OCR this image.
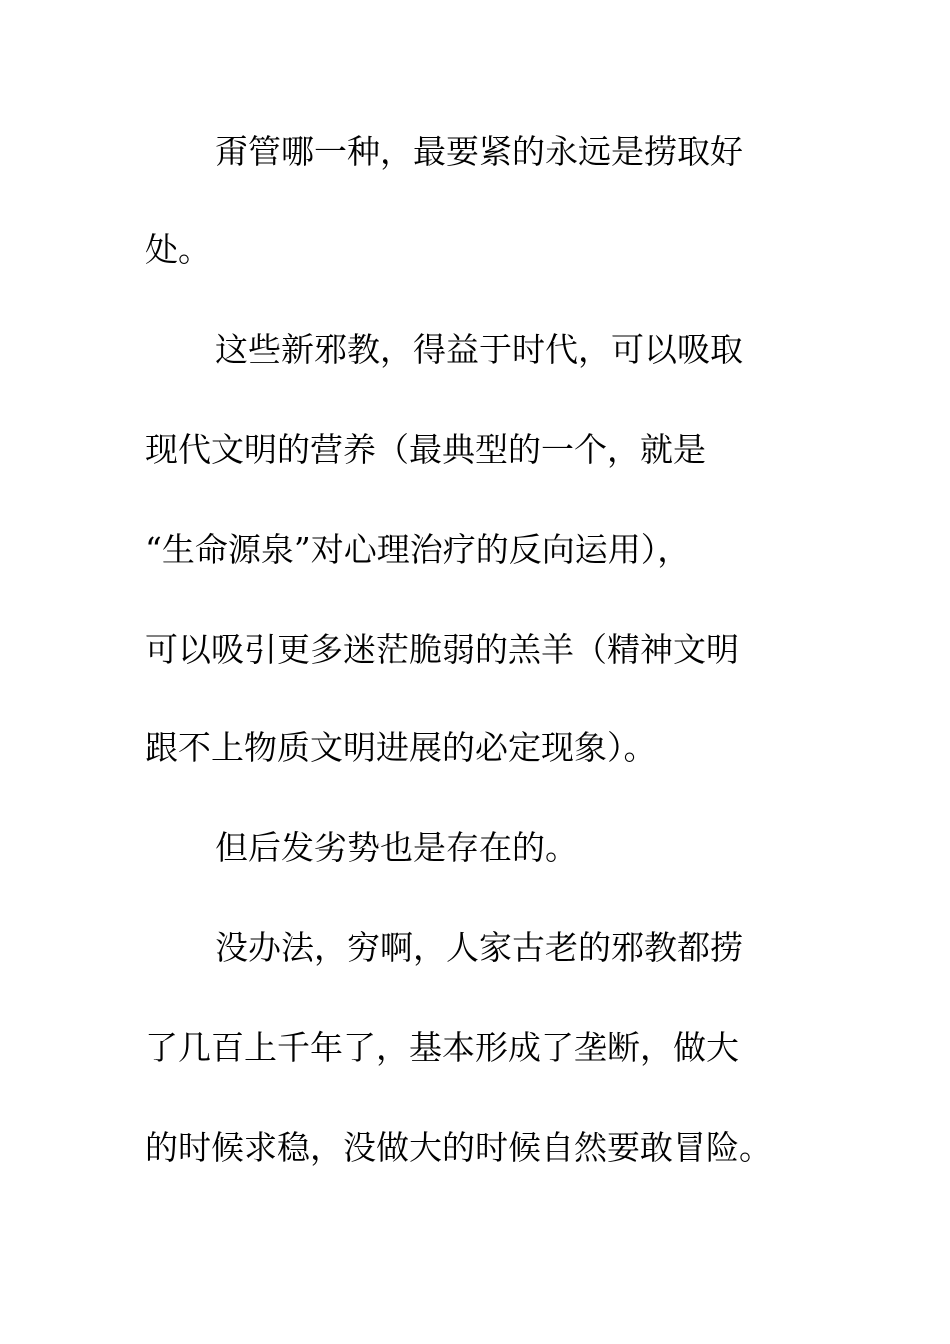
甭管哪一种，最要紧的永远是捞取好
处。
这些新邪教，得益于时代，可以吸取
现代文明的营养（最典型的一个，就是
“生命源泉”对心理治疗的反向运用），
可以吸引更多迷茫脆弱的羔羊（精神文明
跟不上物质文明进展的必定现象）。
但后发劣势也是存在的。
没办法，穷啊，人家古老的邪教都捞
了几百上千年了，基本形成了垄断，做大
的时候求稳，没做大的时候自然要敢冒险。
